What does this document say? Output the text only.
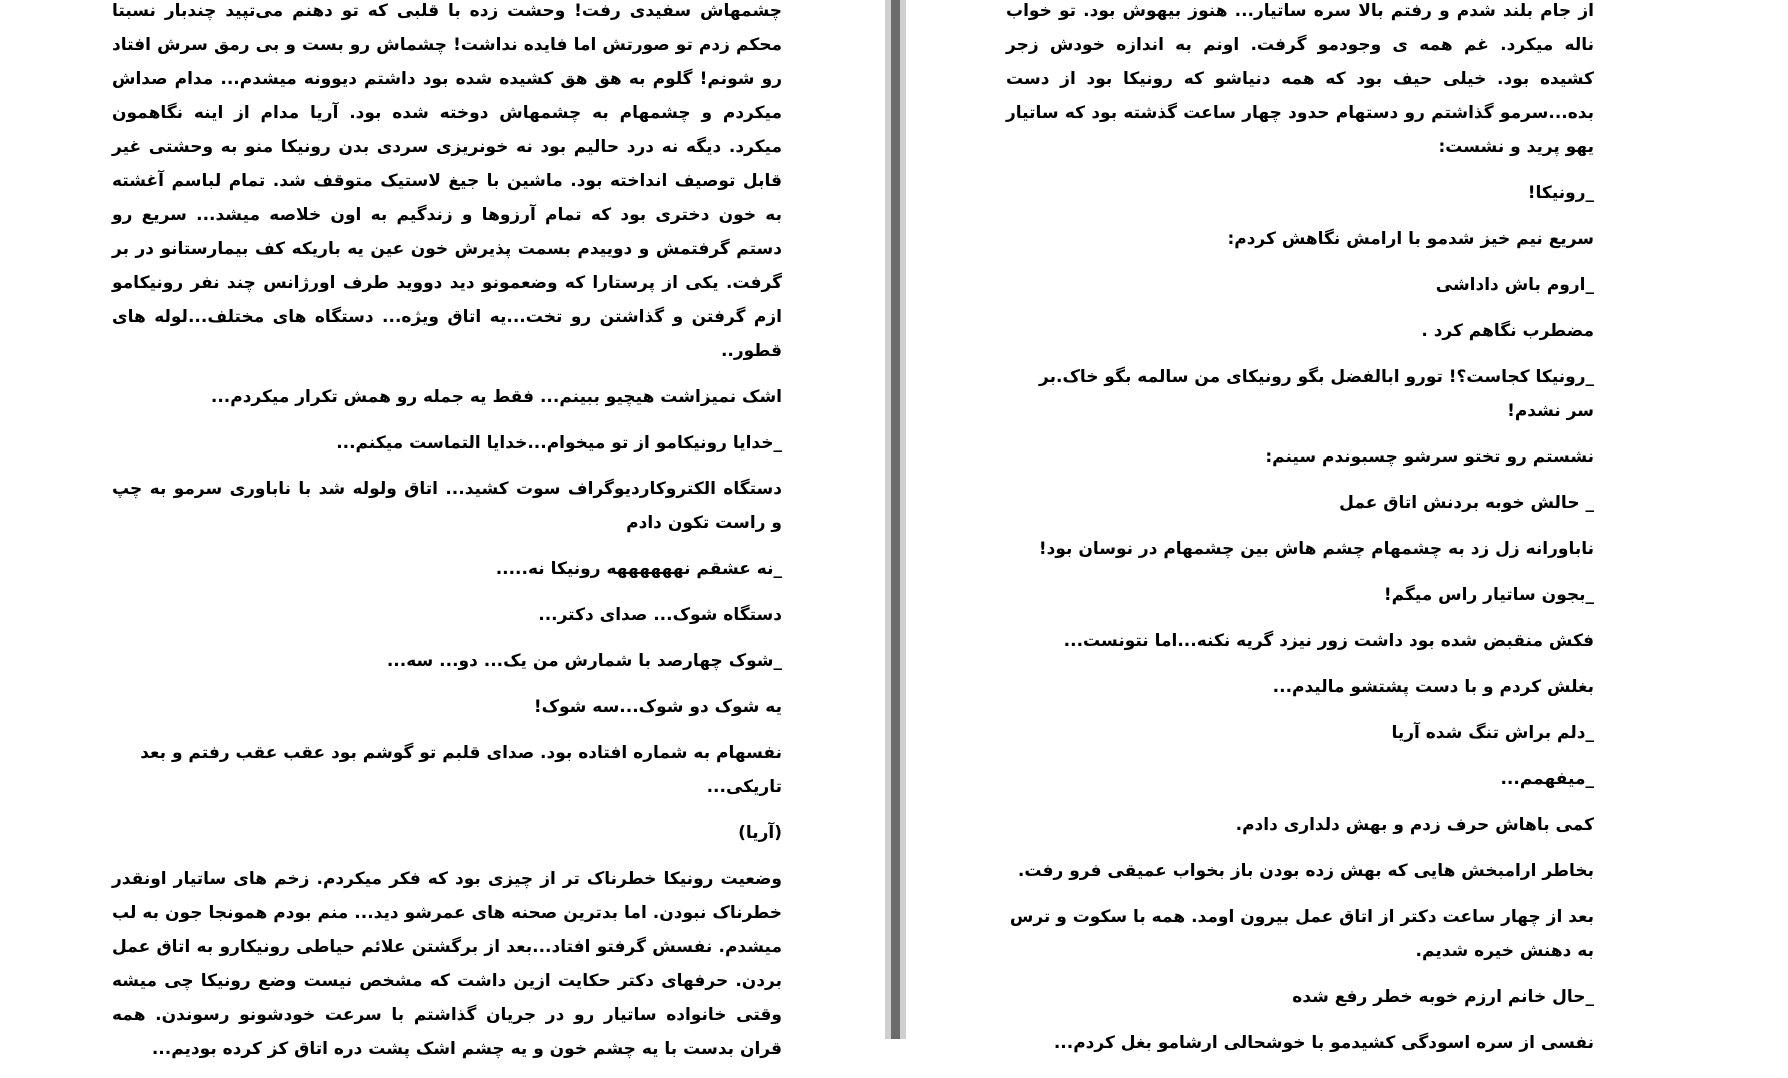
چشمهاش سفیدی رفت! وحشت زده با قلبی که تو دهنم می‌تپید چندبار نسبتا محکم زدم تو صورتش اما فایده نداشت! چشماش رو بست و بی رمق سرش افتاد رو شونم! گلوم به هق هق کشیده شده بود داشتم دیوونه میشدم... مدام صداش میکردم و چشمهام به چشمهاش دوخته شده بود. آریا مدام از اینه نگاهمون میکرد. دیگه نه درد حالیم بود نه خونریزی سردی بدن رونیکا منو به وحشتی غیر قابل توصیف انداخته بود. ماشین با جیغ لاستیک متوقف شد. تمام لباسم آغشته به خون دختری بود که تمام آرزوها و زندگیم به اون خلاصه میشد... سریع رو دستم گرفتمش و دوییدم بسمت پذیرش خون عین یه باریکه کف بیمارستانو در بر گرفت. یکی از پرستارا که وضعمونو دید دووید طرف اورژانس چند نفر رونیکامو ازم گرفتن و گذاشتن رو تخت...یه اتاق ویژه... دستگاه های مختلف...لوله های قطور..

اشک نمیزاشت هیچیو ببینم... فقط یه جمله رو همش تکرار میکردم...

_خدایا رونیکامو از تو میخوام...خدایا التماست میکنم...

دستگاه الکتروکاردیوگراف سوت کشید... اتاق ولوله شد با ناباوری سرمو به چپ و راست تکون دادم

_نه عشقم نههههههه رونیکا نه.....

دستگاه شوک... صدای دکتر...

_شوک چهارصد با شمارش من یک... دو... سه...

یه شوک دو شوک...سه شوک!

نفسهام به شماره افتاده بود. صدای قلبم تو گوشم بود عقب عقب رفتم و بعد تاریکی...

(آریا)

وضعیت رونیکا خطرناک تر از چیزی بود که فکر میکردم. زخم های ساتیار اونقدر خطرناک نبودن. اما بدترین صحنه های عمرشو دید... منم بودم همونجا جون به لب میشدم. نفسش گرفتو افتاد...بعد از برگشتن علائم حیاطی رونیکارو به اتاق عمل بردن. حرفهای دکتر حکایت ازین داشت که مشخص نیست وضع رونیکا چی میشه وقتی خانواده ساتیار رو در جریان گذاشتم با سرعت خودشونو رسوندن. همه قران بدست با یه چشم خون و یه چشم اشک پشت دره اتاق کز کرده بودیم...

از جام بلند شدم و رفتم بالا سره ساتیار... هنوز بیهوش بود. تو خواب ناله میکرد. غم همه ی وجودمو گرفت. اونم به اندازه خودش زجر کشیده بود. خیلی حیف بود که همه دنیاشو که رونیکا بود از دست بده...سرمو گذاشتم رو دستهام حدود چهار ساعت گذشته بود که ساتیار یهو پرید و نشست:

_رونیکا!

سریع نیم خیز شدمو با ارامش نگاهش کردم:

_اروم باش داداشی

مضطرب نگاهم کرد .

_رونیکا کجاست؟! تورو ابالفضل بگو رونیکای من سالمه بگو خاک.بر سر نشدم!

نشستم رو تختو سرشو چسبوندم سینم:

_ حالش خوبه بردنش اتاق عمل

ناباورانه زل زد به چشمهام چشم هاش بین چشمهام در نوسان بود!

_بجون ساتیار راس میگم!

فکش منقبض شده بود داشت زور نیزد گریه نکنه...اما نتونست...

بغلش کردم و با دست پشتشو مالیدم...

_دلم براش تنگ شده آریا

_میفهمم...

کمی باهاش حرف زدم و بهش دلداری دادم.

بخاطر ارامبخش هایی که بهش زده بودن باز بخواب عمیقی فرو رفت.

بعد از چهار ساعت دکتر از اتاق عمل بیرون اومد. همه با سکوت و ترس به دهنش خیره شدیم.

_حال خانم ارزم خوبه خطر رفع شده

نفسی از سره اسودگی کشیدمو با خوشحالی ارشامو بغل کردم...
